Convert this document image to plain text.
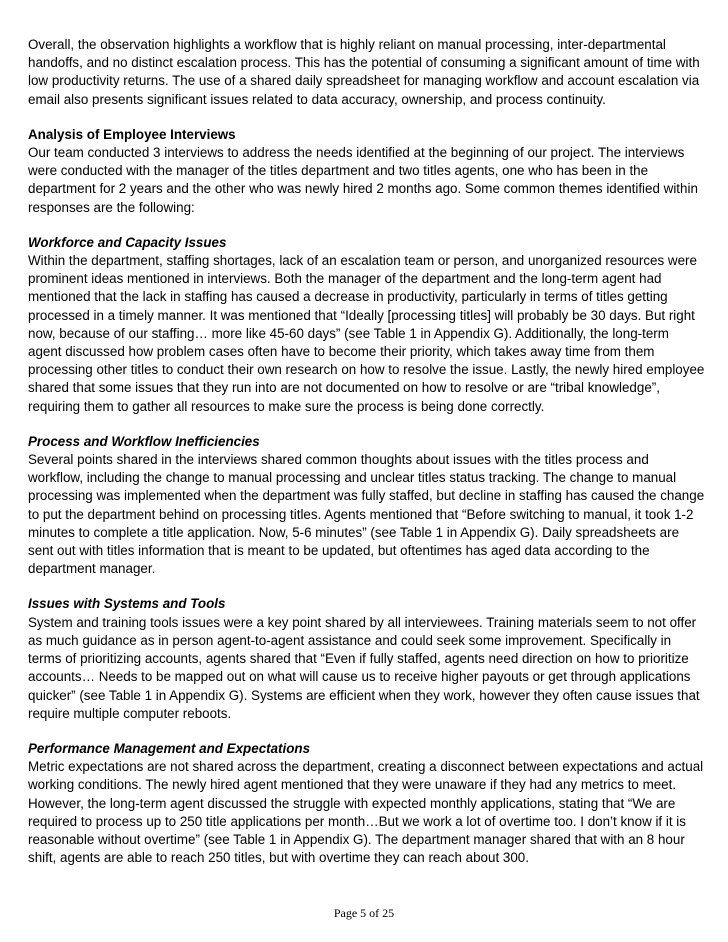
Overall, the observation highlights a workflow that is highly reliant on manual processing, inter-departmental handoffs, and no distinct escalation process. This has the potential of consuming a significant amount of time with low productivity returns. The use of a shared daily spreadsheet for managing workflow and account escalation via email also presents significant issues related to data accuracy, ownership, and process continuity.

Analysis of Employee Interviews

Our team conducted 3 interviews to address the needs identified at the beginning of our project. The interviews were conducted with the manager of the titles department and two titles agents, one who has been in the department for 2 years and the other who was newly hired 2 months ago. Some common themes identified within responses are the following:

Workforce and Capacity Issues

Within the department, staffing shortages, lack of an escalation team or person, and unorganized resources were prominent ideas mentioned in interviews. Both the manager of the department and the long-term agent had mentioned that the lack in staffing has caused a decrease in productivity, particularly in terms of titles getting processed in a timely manner. It was mentioned that “Ideally [processing titles] will probably be 30 days. But right now, because of our staffing… more like 45-60 days” (see Table 1 in Appendix G). Additionally, the long-term agent discussed how problem cases often have to become their priority, which takes away time from them processing other titles to conduct their own research on how to resolve the issue. Lastly, the newly hired employee shared that some issues that they run into are not documented on how to resolve or are “tribal knowledge”, requiring them to gather all resources to make sure the process is being done correctly.

Process and Workflow Inefficiencies

Several points shared in the interviews shared common thoughts about issues with the titles process and workflow, including the change to manual processing and unclear titles status tracking. The change to manual processing was implemented when the department was fully staffed, but decline in staffing has caused the change to put the department behind on processing titles. Agents mentioned that “Before switching to manual, it took 1-2 minutes to complete a title application. Now, 5-6 minutes” (see Table 1 in Appendix G). Daily spreadsheets are sent out with titles information that is meant to be updated, but oftentimes has aged data according to the department manager.

Issues with Systems and Tools

System and training tools issues were a key point shared by all interviewees. Training materials seem to not offer as much guidance as in person agent-to-agent assistance and could seek some improvement. Specifically in terms of prioritizing accounts, agents shared that “Even if fully staffed, agents need direction on how to prioritize accounts… Needs to be mapped out on what will cause us to receive higher payouts or get through applications quicker” (see Table 1 in Appendix G). Systems are efficient when they work, however they often cause issues that require multiple computer reboots.

Performance Management and Expectations

Metric expectations are not shared across the department, creating a disconnect between expectations and actual working conditions. The newly hired agent mentioned that they were unaware if they had any metrics to meet. However, the long-term agent discussed the struggle with expected monthly applications, stating that “We are required to process up to 250 title applications per month…But we work a lot of overtime too. I don’t know if it is reasonable without overtime” (see Table 1 in Appendix G). The department manager shared that with an 8 hour shift, agents are able to reach 250 titles, but with overtime they can reach about 300.

Page 5 of 25
